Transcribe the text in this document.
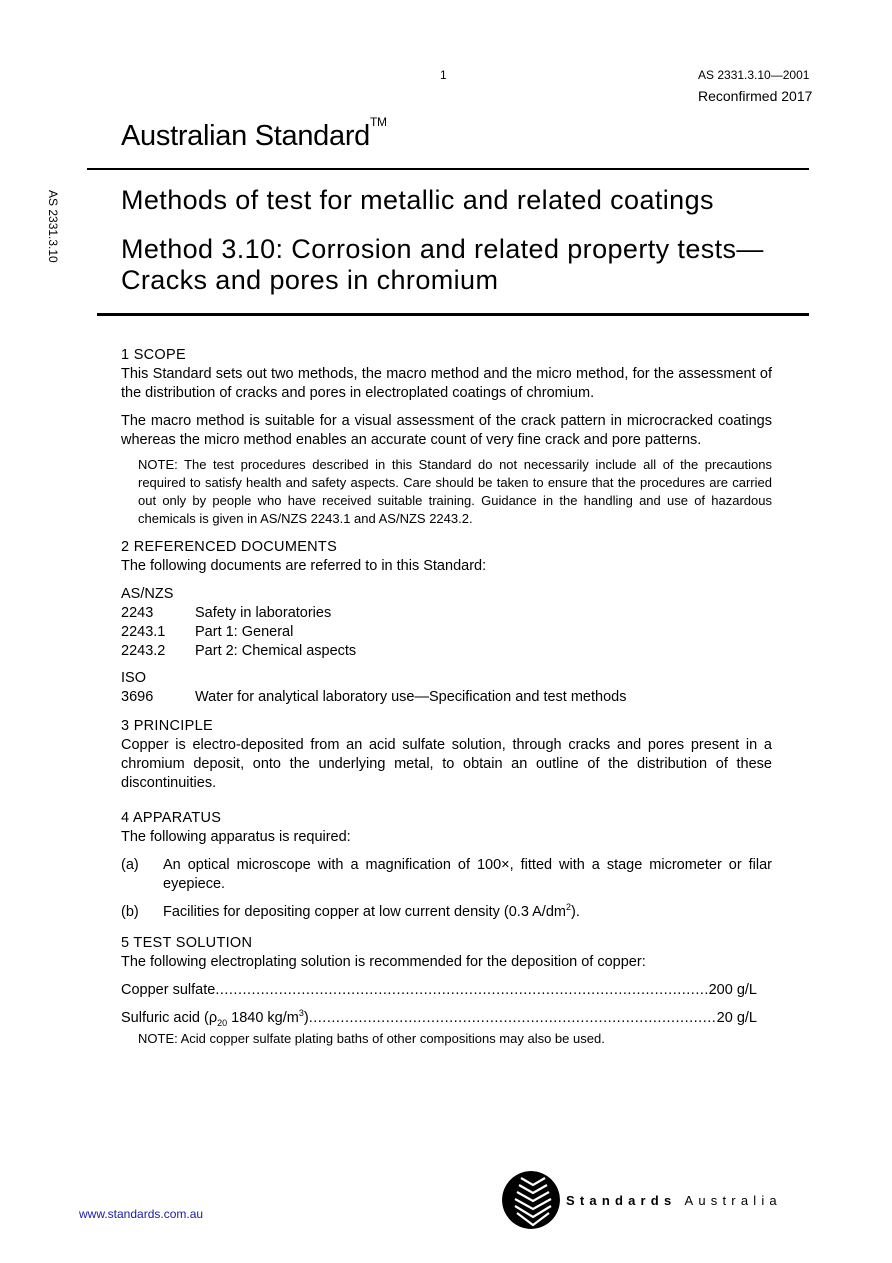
1	AS 2331.3.10—2001
Reconfirmed 2017
Australian Standard™
AS 2331.3.10 Methods of test for metallic and related coatings
Method 3.10: Corrosion and related property tests—Cracks and pores in chromium

1 SCOPE

This Standard sets out two methods, the macro method and the micro method, for the assessment of the distribution of cracks and pores in electroplated coatings of chromium.

The macro method is suitable for a visual assessment of the crack pattern in microcracked coatings whereas the micro method enables an accurate count of very fine crack and pore patterns.

NOTE: The test procedures described in this Standard do not necessarily include all of the precautions required to satisfy health and safety aspects. Care should be taken to ensure that the procedures are carried out only by people who have received suitable training. Guidance in the handling and use of hazardous chemicals is given in AS/NZS 2243.1 and AS/NZS 2243.2.

2 REFERENCED DOCUMENTS

The following documents are referred to in this Standard:

AS/NZS
2243	Safety in laboratories
2243.1	Part 1: General
2243.2	Part 2: Chemical aspects
ISO
3696	Water for analytical laboratory use—Specification and test methods

3 PRINCIPLE

Copper is electro-deposited from an acid sulfate solution, through cracks and pores present in a chromium deposit, onto the underlying metal, to obtain an outline of the distribution of these discontinuities.

4 APPARATUS

The following apparatus is required:

(a)	An optical microscope with a magnification of 100×, fitted with a stage micrometer or filar eyepiece.
(b)	Facilities for depositing copper at low current density (0.3 $A/dm^2$).

5 TEST SOLUTION

The following electroplating solution is recommended for the deposition of copper:

Copper sulfate .....	200 g/L
Sulfuric acid ($\rho_{20}$ 1840 $kg/m^3$) .....	20 g/L

NOTE: Acid copper sulfate plating baths of other compositions may also be used.

www.standards.com.au
Standards Australia
